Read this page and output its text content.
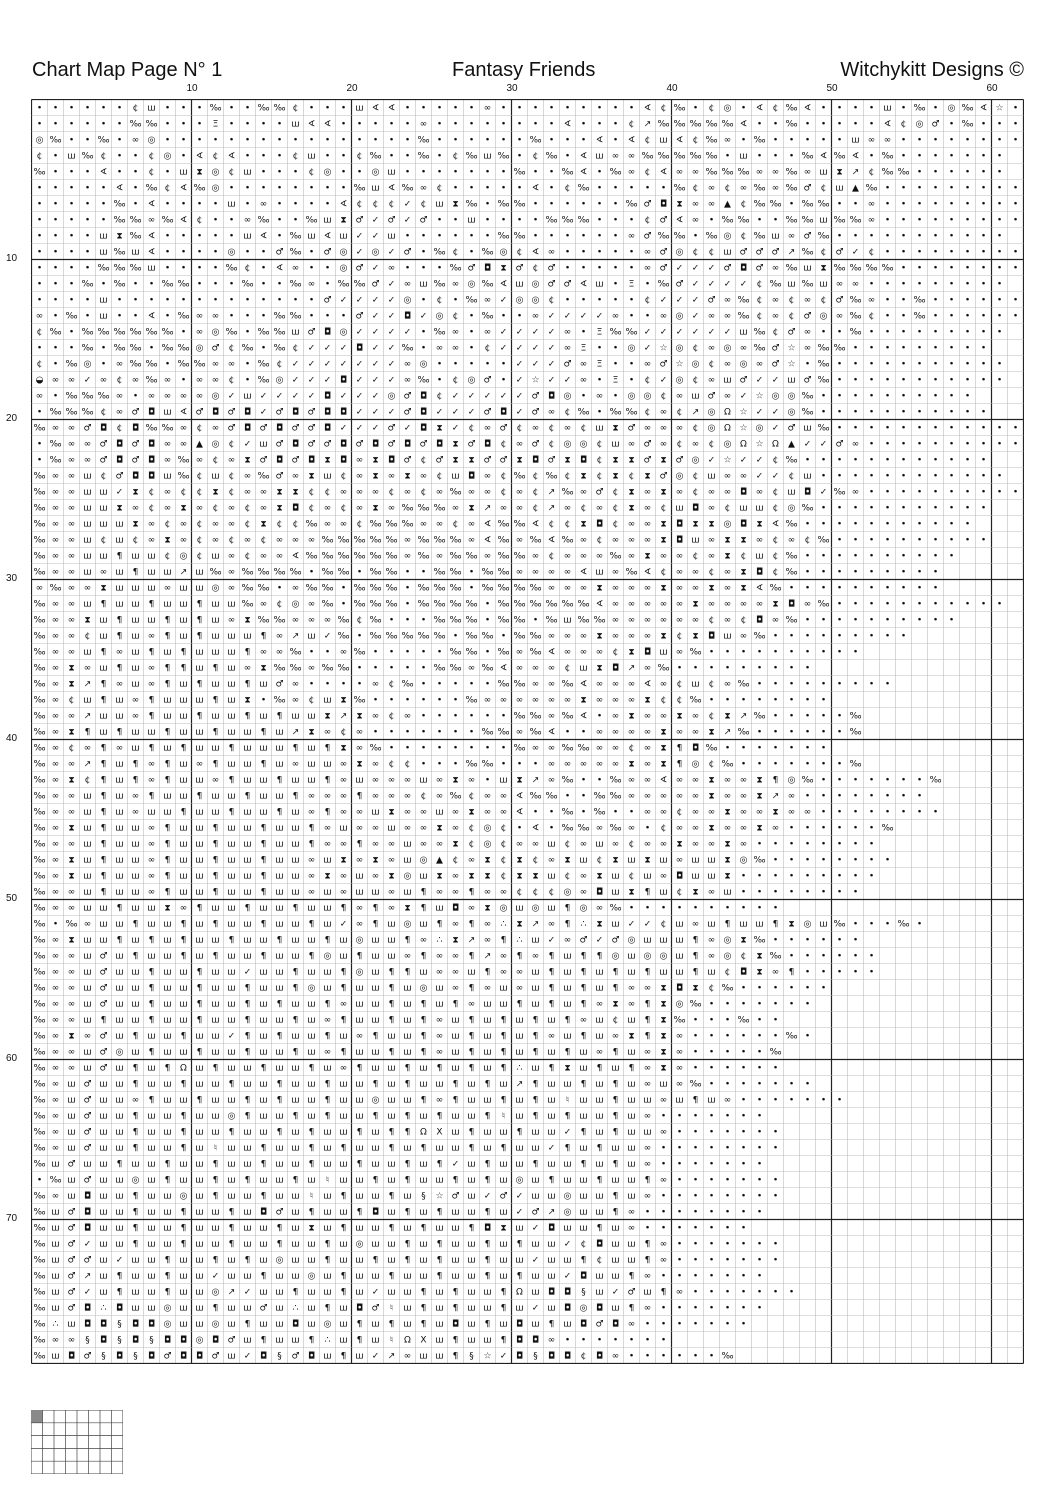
Chart Map Page N° 1	Fantasy Friends	Witchykitt Designs ©
10	20	30	40	50	60
10
20
30
40
50
60
70
• • • • • • ¢ ш • • • ‰ • • ‰ ‰ ¢ • • • ш ∢ ∢ • • • • • ∞ • • • • • • • • • ∢ ¢ ‰ • ¢ ◎ • ∢ ¢ ‰ ∢ • • • • ш • ‰ • ◎ ‰ ∢ ☆ •
• • • • • • ‰ ‰ • • • Ξ • • • • ш ∢ ∢ • • • • • ∞ • • • • • • • • ∢ • • • ¢ ↗ ‰ ‰ ‰ ‰ ‰ ∢ • • ‰ • • • • • ∢ ¢ ◎ ♂ • ‰ • • •
◎ ‰ • • ‰ • ∞ ◎ • • • • • • • • • • • • • • • • ‰ • • • • • • ‰ • • • ∢ • ∢ ¢ ш ∢ ¢ ‰ ∞ • ‰ • • • • • ш ∞ ∞ • • • • • • • •
¢ • ш ‰ ¢ • • ¢ ◎ • ∢ ¢ ∢ • • • ¢ ш • • ¢ ‰ • • ‰ • ¢ ‰ ш ‰ • ¢ ‰ • ∢ ш ∞ ∞ ‰ ‰ ‰ ‰ ‰ • ш • • • ‰ ∢ ‰ ∢ • ‰ • • • • • • •
‰ • • • ∢ • • ¢ • ш ⧗ ◎ ¢ ш • • • ¢ ◎ • • ◎ ш • • • • • • • ‰ • • ‰ ∢ • ‰ ∞ ¢ ∢ ∞ ∞ ‰ ‰ ‰ ∞ ∞ ‰ ∞ ш ⧗ ↗ ¢ ‰ ‰ • • • • • •
• • • • • ∢ • ‰ ¢ ∢ ‰ ◎ • • • • • • • • ‰ ш ∢ ‰ ∞ ¢ • • • • • ∢ • ¢ ‰ • • • • • ‰ ¢ ∞ ¢ ∞ ‰ ∞ ‰ ♂ ¢ ш ▲ ‰ • • • • • • • • •
• • • • • ‰ • ∢ • • • • ш • ∞ • • • • ∢ ¢ ¢ ¢ ✓ ¢ ш ⧗ ‰ • ‰ ‰ • • • • • • ‰ ♂ ◘ ⧗ ∞ ∞ ▲ ¢ ‰ ‰ • ‰ ‰ • • ∞ • • • • • • • • •
• • • • • ‰ ‰ ∞ ‰ ∢ ¢ • • ∞ ‰ • • ‰ ш ⧗ ♂ ✓ ♂ ✓ ♂ • • ш • • • • ‰ ‰ ‰ • • • ¢ ♂ ∢ ∞ • ‰ ‰ • • ‰ ‰ ш ‰ ‰ ∞ • • • • • • • • •
• • • • ш ⧗ ‰ ∢ • • • • • ш ∢ • ‰ ш ∢ ш ✓ ✓ ш • • • • • • ‰ ‰ • • • • • • ∞ ♂ ‰ ‰ • ‰ ◎ ¢ ‰ ш ∞ ♂ ‰ • • • • • • • • • • •
• • • • ш ‰ ш ∢ • • • • ◎ • • ♂ ‰ • ♂ ◎ ✓ ◎ ✓ ♂ • ‰ ¢ • ‰ ◎ ¢ ∢ ∞ • • • • • ∞ ♂ ◎ ¢ ¢ ш ♂ ♂ ♂ ↗ ‰ ¢ ♂ ✓ ¢ • • • • • • • • •
• • • • ‰ ‰ ‰ ш • • • • ‰ ¢ • ∢ ∞ • • ◎ ♂ ✓ ∞ • • • ‰ ♂ ◘ ⧗ ♂ ¢ ♂ • • • • • ∞ ♂ ✓ ✓ ✓ ♂ ◘ ♂ ∞ ‰ ш ⧗ ‰ ‰ ‰ ‰ • • • • • • • •
• • • ‰ • ‰ • • ‰ ‰ • • • ‰ • • ‰ ∞ • ‰ ‰ ♂ ✓ ∞ ш ‰ ∞ ◎ ‰ ∢ ш ◎ ♂ ♂ ∢ ш • Ξ • ‰ ♂ ✓ ✓ ✓ ✓ ¢ ‰ ш ‰ ш ∞ ∞ • • • • • • • • •
• • • • ш • • • • • • • • • • • • • ♂ ✓ ✓ ✓ ✓ ◎ • ¢ • ‰ ∞ ✓ ◎ ◎ ¢ • • • • • ¢ ✓ ✓ ✓ ♂ ∞ ‰ ¢ ∞ ¢ ∞ ¢ ♂ ‰ ∞ • • ‰ • • • • • •
∞ • ‰ • ш • • ∢ • ‰ ∞ ∞ • • • ‰ ‰ • • • ♂ ✓ ✓ ◘ ✓ ◎ ¢ • ‰ • • ∞ ✓ ✓ ✓ ✓ ∞ • • ∞ ◎ ✓ ∞ ∞ ‰ ¢ ∞ ¢ ♂ ◎ ∞ ‰ ¢ • • ‰ • • • • • •
¢ ‰ • ‰ ‰ ‰ ‰ ‰ ‰ • ∞ ◎ ‰ • ‰ ‰ ш ♂ ◘ ◎ ✓ ✓ ✓ ✓ • ‰ ∞ • ∞ ✓ ✓ ✓ ✓ ∞ • Ξ ‰ ‰ ✓ ✓ ✓ ✓ ✓ ✓ ш ‰ ¢ ♂ ∞ • • ‰ • • • • • • • • •
• • • ‰ • ‰ ‰ • ‰ ‰ ◎ ♂ ¢ ‰ • ‰ ¢ ✓ ✓ ✓ ◘ ✓ ✓ ‰ • ∞ ∞ • ¢ ✓ ✓ ✓ ✓ ∞ Ξ • • ◎ ✓ ☆ ◎ ¢ ∞ ◎ ∞ ‰ ♂ ☆ ∞ ‰ ‰ • • • • • • • • •
¢ • ‰ ◎ • ∞ ‰ ‰ • ‰ ‰ ∞ ∞ • ‰ ¢ ✓ ✓ ✓ ✓ ✓ ✓ ✓ ∞ ◎ • • • • • ✓ ✓ ✓ ♂ ∞ Ξ • • ∞ ♂ ☆ ◎ ¢ ∞ ◎ ∞ ♂ ☆ • ‰ • • • • • • • • • • •
◒ ∞ ∞ ✓ ∞ ¢ ∞ ‰ ∞ • ∞ ∞ ¢ • ‰ ◎ ✓ ✓ ✓ ◘ ✓ ✓ ✓ ∞ ‰ • ¢ ◎ ♂ • ✓ ☆ ✓ ✓ ∞ • Ξ • ¢ ✓ ◎ ¢ ∞ ш ♂ ✓ ✓ ш ♂ ‰ • • • • • • • • • • •
∞ • ‰ ‰ ‰ ∞ • ∞ ∞ ∞ ∞ ◎ ✓ ш ✓ ✓ ✓ ✓ ◘ ✓ ✓ ✓ ◎ ♂ ◘ ¢ ✓ ✓ ✓ ✓ ✓ ♂ ◘ ◎ • ∞ • ◎ ◎ ¢ ∞ ш ♂ ∞ ✓ ☆ ◎ ◎ ‰ • • • • • • • • • •
• ‰ ‰ ‰ ¢ ∞ ♂ ◘ ш ∢ ♂ ◘ ♂ ◘ ✓ ♂ ◘ ♂ ◘ ◘ ✓ ✓ ✓ ♂ ◘ ✓ ✓ ✓ ♂ ◘ ✓ ♂ ∞ ¢ ‰ • ‰ ‰ ¢ ∞ ¢ ↗ ◎ Ω ☆ ✓ ✓ ◎ ‰ • • • • • • • • • • •
‰ ∞ ∞ ♂ ◘ ¢ ◘ ‰ ‰ ∞ ¢ ∞ ♂ ◘ ♂ ◘ ♂ ♂ ◘ ✓ ✓ ✓ ♂ ✓ ◘ ⧗ ✓ ¢ ∞ ♂ ¢ ∞ ¢ ∞ ¢ ш ⧗ ♂ ∞ ∞ ∞ ¢ ◎ Ω ☆ ◎ ✓ ♂ ш ‰ • • • • • • • • • • • •
• ‰ ∞ ∞ ♂ ◘ ♂ ◘ ∞ ∞ ▲ ◎ ¢ ✓ ш ♂ ◘ ♂ ♂ ◘ ♂ ◘ ♂ ◘ ♂ ◘ ⧗ ♂ ◘ ¢ ∞ ♂ ¢ ◎ ◎ ¢ ш ∞ ♂ ∞ ¢ ∞ ¢ ◎ Ω ☆ Ω ▲ ✓ ✓ ♂ ∞ • • • • • • • • • •
• ‰ ∞ ∞ ♂ ◘ ♂ ◘ ∞ ‰ ∞ ¢ ∞ ⧗ ♂ ◘ ♂ ◘ ⧗ ◘ ∞ ⧗ ◘ ♂ ¢ ♂ ⧗ ⧗ ♂ ♂ ⧗ ◘ ♂ ⧗ ◘ ¢ ⧗ ⧗ ♂ ⧗ ♂ ◎ ✓ ☆ ✓ ✓ ¢ ‰ • • • • • • • • • • • •
‰ ∞ ∞ ш ¢ ♂ ◘ ◘ ш ‰ ¢ ш ¢ ∞ ‰ ♂ ∞ ⧗ ш ¢ ∞ ⧗ ∞ ⧗ ∞ ¢ ш ◘ ∞ ¢ ‰ ¢ ‰ ¢ ⧗ ¢ ⧗ ¢ ⧗ ♂ ◎ ¢ ш ∞ ∞ ✓ ✓ ¢ ш • • • • • • • • • • • •
‰ ∞ ∞ ш ш ✓ ⧗ ¢ ∞ ¢ ¢ ⧗ ¢ ∞ ∞ ⧗ ⧗ ¢ ¢ ∞ ∞ ∞ ¢ ∞ ¢ ∞ ‰ ∞ ∞ ¢ ∞ ¢ ↗ ‰ ∞ ♂ ¢ ⧗ ∞ ⧗ ∞ ¢ ∞ ∞ ◘ ∞ ¢ ш ◘ ✓ ‰ ∞ • • • • • • • • • •
‰ ∞ ∞ ш ш ⧗ ∞ ¢ ∞ ⧗ ∞ ¢ ∞ ¢ ∞ ⧗ ◘ ¢ ∞ ¢ ∞ ⧗ ∞ ‰ ‰ ‰ ∞ ⧗ ↗ ∞ ∞ ¢ ↗ ∞ ¢ ∞ ¢ ⧗ ∞ ¢ ш ◘ ∞ ¢ ш ш ¢ ◎ ‰ • • • • • • • • • • •
‰ ∞ ∞ ш ш ш ⧗ ∞ ¢ ∞ ¢ ∞ ∞ ¢ ⧗ ¢ ¢ ‰ ∞ ∞ ¢ ‰ ‰ ‰ ∞ ∞ ¢ ∞ ∢ ‰ ‰ ∢ ¢ ¢ ⧗ ◘ ¢ ∞ ∞ ⧗ ◘ ⧗ ⧗ ◎ ◘ ⧗ ∢ ‰ • • • • • • • • • • •
‰ ∞ ∞ ш ¢ ш ¢ ∞ ⧗ ∞ ¢ ∞ ¢ ∞ ¢ ∞ ∞ ∞ ‰ ‰ ‰ ‰ ‰ ∞ ‰ ‰ ‰ ∞ ∢ ‰ ∞ ‰ ∢ ‰ ∞ ¢ ∞ ∞ ∞ ⧗ ◘ ш ∞ ⧗ ⧗ ∞ ¢ ∞ ¢ ‰ • • • • • • • • • •
‰ ∞ ∞ ш ш ¶ ш ш ¢ ◎ ¢ ш ∞ ¢ ∞ ∞ ∢ ‰ ‰ ‰ ‰ ‰ ‰ ∞ ‰ ∞ ‰ ‰ ∞ ‰ ‰ ∞ ¢ ∞ ∞ ∞ ‰ ∞ ⧗ ∞ ∞ ¢ ∞ ⧗ ¢ ш ¢ ‰ • • • • • • • • • •
‰ ∞ ∞ ш ∞ ш ¶ ш ш ↗ ш ‰ ∞ ‰ ‰ ‰ ‰ • ‰ ‰ • ‰ ‰ • • ‰ ‰ • ‰ ‰ ∞ ∞ ∞ ∞ ∢ ш ∞ ‰ ∢ ¢ ∞ ∞ ¢ ∞ ⧗ ◘ ¢ ‰ • • • • • • • • •
∞ ‰ ∞ ∞ ⧗ ш ш ш ∞ ш ш ◎ ∞ ‰ ‰ • ∞ ‰ ‰ • ‰ ‰ ‰ • ‰ ‰ ‰ • ‰ ‰ ‰ ‰ ∞ ∞ ∞ ⧗ ∞ ∞ ∞ ⧗ ∞ ∞ ⧗ ∞ ⧗ ∢ ‰ • • • • • • • • • •
‰ ∞ ∞ ш ¶ ш ш ¶ ш ш ¶ ш ш ‰ ∞ ¢ ◎ ∞ ‰ • ‰ ‰ ‰ • ‰ ‰ ‰ ‰ • ‰ ‰ ‰ ‰ ‰ ‰ ∢ ∞ ∞ ∞ ∞ ∞ ⧗ ∞ ∞ ∞ ∞ ⧗ ◘ ∞ ‰ • • • • • • • • • • •
‰ ∞ ∞ ⧗ ш ¶ ш ш ¶ ш ¶ ш ∞ ⧗ ‰ ‰ ∞ ∞ ∞ ‰ ¢ ‰ • • • ‰ ‰ ‰ • ‰ ‰ • ‰ ш ‰ ‰ ∞ ∞ ∞ ∞ ∞ ∞ ¢ ∞ ¢ ◘ ∞ ‰ • • • • • • • • • •
‰ ∞ ∞ ¢ ш ¶ ш ∞ ¶ ш ¶ ш ш ш ¶ ∞ ↗ ш ✓ ‰ • ‰ ‰ ‰ ‰ ‰ • ‰ ‰ • ‰ ‰ ∞ ∞ ∞ ⧗ ∞ ∞ ∞ ⧗ ¢ ⧗ ◘ ш ∞ ‰ • • • • • • • • •
‰ ∞ ∞ ш ¶ ∞ ш ¶ ш ¶ ш ш ш ¶ ∞ ∞ ‰ • • ∞ ‰ • • • • • ‰ ‰ • ‰ ∞ ‰ ∢ ∞ ∞ ∞ ¢ ⧗ ◘ ш ∞ ‰ • • • • • • • • • •
‰ ∞ ⧗ ∞ ш ¶ ш ∞ ¶ ¶ ш ¶ ш ∞ ⧗ ‰ ‰ ∞ ‰ ‰ • • • • • ‰ ‰ ∞ ‰ ∢ ∞ ∞ ∞ ¢ ш ⧗ ◘ ↗ ∞ ‰ • • • • • • • • •
‰ ∞ ⧗ ↗ ¶ ∞ ш ∞ ¶ ш ¶ ш ш ¶ ш ♂ ∞ • • • • ∞ ¢ ‰ • • • • • ‰ ‰ ∞ ∞ ‰ ∢ ∞ ∞ ∞ ∢ ∞ ¢ ш ¢ ∞ ‰ • • • • • • • • •
‰ ∞ ¢ ш ¶ ш ∞ ¶ ш ш ш ¶ ш ⧗ • ‰ ∞ ¢ ш ⧗ ‰ • • • • • • ‰ ∞ ∞ ∞ ∞ ∞ ∞ ⧗ ∞ ∞ ∞ ⧗ ¢ ¢ ‰ • • • • • • • •
‰ ∞ ∞ ↗ ш ш ∞ ¶ ш ш ¶ ш ш ¶ ш ¶ ш ш ⧗ ↗ ⧗ ∞ ¢ ∞ • • • • • • ‰ ‰ ∞ ‰ ∢ • ∞ ⧗ ∞ ∞ ⧗ ∞ ¢ ⧗ ↗ ‰ • • • • • ‰
‰ ∞ ⧗ ¶ ш ¶ ш ш ¶ ш ш ¶ ш ш ¶ ш ↗ ⧗ ∞ ¢ ∞ • • • • • • • ‰ ‰ ∞ ‰ ∢ • • ∞ ∞ ∞ ∞ ⧗ ∞ ∞ ⧗ ↗ ‰ • • • • • • ‰
‰ ∞ ¢ ∞ ¶ ∞ ш ¶ ш ¶ ш ш ¶ ш ш ш ¶ ш ¶ ⧗ ∞ ‰ • • • • • • • • ‰ ∞ ∞ ‰ ‰ ∞ ∞ ¢ ∞ ⧗ ¶ ◘ ‰ • • • • • • •
‰ ∞ ∞ ↗ ¶ ш ¶ ∞ ¶ ш ∞ ¶ ш ш ¶ ш ∞ ш ш ∞ ⧗ ∞ ¢ ¢ • • • ‰ ‰ • • • ∞ ∞ ∞ ∞ ∞ ⧗ ∞ ⧗ ¶ ◎ ¢ ‰ • • • • • • • ‰
‰ ∞ ⧗ ¢ ¶ ш ¶ ∞ ¶ ш ш ∞ ¶ ш ш ¶ ш ш ¶ ∞ ш ∞ ∞ ∞ ш ∞ ⧗ ∞ • ш ⧗ ↗ ∞ ‰ • • ‰ ∞ ∞ ∢ ∞ ∞ ⧗ ∞ ∞ ⧗ ¶ ◎ ‰ • • • • • • • ‰
‰ ∞ ∞ ш ¶ ш ∞ ¶ ш ш ¶ ш ш ¶ ш ш ¶ ∞ ∞ ∞ ¶ ∞ ∞ ∞ ¢ ∞ ‰ ¢ ∞ ∞ ∢ ‰ ‰ • • ‰ ‰ ∞ ∞ ∞ ∞ ∞ ⧗ ∞ ∞ ⧗ ↗ ∞ • • • • • • • •
‰ ∞ ∞ ш ¶ ш ∞ ш ш ¶ ш ш ¶ ш ш ¶ ш ∞ ¶ ∞ ∞ ш ⧗ ∞ ∞ ш ∞ ⧗ ∞ ∞ ∢ • • ‰ • ‰ • • ∞ ∞ ¢ ∞ ∞ ⧗ ∞ ∞ ⧗ ∞ ∞ • • • • • • • •
‰ ∞ ⧗ ш ¶ ш ш ∞ ¶ ш ш ¶ ш ш ¶ ш ш ¶ ∞ ш ∞ ∞ ш ∞ ∞ ⧗ ∞ ¢ ◎ ¢ • ∢ • ‰ ‰ ∞ ‰ ∞ • ¢ ∞ ∞ ⧗ ∞ ∞ ⧗ ∞ • • • • • • ‰
‰ ∞ ∞ ш ¶ ш ш ∞ ¶ ш ш ¶ ш ш ¶ ш ш ¶ ∞ ∞ ¶ ∞ ∞ ш ∞ ∞ ⧗ ¢ ◎ ¢ ∞ ∞ ш ¢ ∞ ш ∞ ¢ ∞ ∞ ⧗ ∞ ∞ ⧗ ∞ • • • • • • • •
‰ ∞ ⧗ ш ¶ ш ш ∞ ¶ ш ш ¶ ш ш ¶ ш ш ∞ ш ⧗ ∞ ⧗ ∞ ш ◎ ▲ ¢ ∞ ⧗ ¢ ⧗ ¢ ∞ ⧗ ш ¢ ⧗ ш ⧗ ш ∞ ш ш ⧗ ◎ ‰ • • • • • • • •
‰ ∞ ⧗ ш ¶ ш ш ∞ ¶ ш ш ¶ ш ш ¶ ш ш ∞ ⧗ ∞ ш ∞ ⧗ ◎ ш ⧗ ∞ ⧗ ⧗ ¢ ⧗ ⧗ ш ¢ ∞ ⧗ ш ¢ ш ∞ ◘ ш ш ⧗ • • • • • • • • •
‰ ∞ ∞ ш ¶ ш ш ∞ ¶ ш ш ¶ ш ш ¶ ш ш ∞ ш ∞ ш ш ∞ ш ¶ ∞ ∞ ¶ ∞ ∞ ¢ ¢ ¢ ◎ ∞ ◘ ш ⧗ ¶ ш ¢ ⧗ ∞ ш • • • • • • • •
‰ ∞ ∞ ш ш ¶ ш ш ⧗ ∞ ¶ ш ш ¶ ш ш ¶ ш ш ¶ ∞ ¶ ∞ ⧗ ¶ ш ◘ ∞ ⧗ ◎ ш ◎ ш ¶ ◎ ∞ ‰ • • • • • • • • • •
‰ • ‰ ∞ ш ш ¶ ш ш ¶ ш ¶ ш ш ¶ ш ш ¶ ш ✓ ∞ ¶ ш ◎ ш ¶ ∞ ¶ ∞ ∴ ⧗ ↗ ∞ ¶ ∴ ⧗ ш ✓ ✓ ¢ ш ∞ ш ¶ ш ш ¶ ⧗ ◎ ш ‰ • • • ‰ •
‰ ∞ ⧗ ш ш ¶ ш ¶ ш ¶ ш ш ¶ ш ш ¶ ш ш ¶ ш ◎ ш ш ¶ ∞ ∴ ⧗ ↗ ∞ ¶ ∴ ш ✓ ∞ ♂ ✓ ♂ ◎ ш ш ш ¶ ∞ ◎ ⧗ ‰ • • • • • •
‰ ∞ ∞ ш ♂ ш ¶ ш ш ¶ ш ¶ ш ш ¶ ш ш ¶ ◎ ш ¶ ш ш ∞ ¶ ∞ ∞ ¶ ↗ ∞ ¶ ∞ ¶ ш ¶ ¶ ◎ ш ◎ ◎ ш ¶ ∞ ◎ ¢ ⧗ ‰ • • • • • •
‰ ∞ ∞ ш ♂ ш ш ¶ ш ш ¶ ш ш ✓ ш ш ¶ ш ш ¶ ◎ ш ¶ ¶ ш ∞ ∞ ш ¶ ∞ ∞ ш ¶ ш ¶ ш ¶ ш ¶ ш ш ¶ ш ¢ ◘ ⧗ ∞ ¶ • • • • •
‰ ∞ ∞ ш ♂ ш ш ¶ ш ш ¶ ш ш ¶ ш ш ¶ ◎ ш ¶ ш ш ¶ ш ◎ ш ∞ ¶ ∞ ш ∞ ш ¶ ш ¶ ш ¶ ∞ ∞ ⧗ ◘ ⧗ ¢ ‰ • • • • • •
‰ ∞ ∞ ш ♂ ш ш ¶ ш ш ¶ ш ш ¶ ш ¶ ш ш ¶ ∞ ш ш ¶ ш ¶ ш ¶ ∞ ш ш ¶ ш ¶ ш ¶ ∞ ⧗ ∞ ¶ ⧗ ◎ ‰ • • • • • • •
‰ ∞ ∞ ш ¶ ш ш ¶ ш ш ¶ ш ш ¶ ш ш ¶ ш ∞ ¶ ш ш ¶ ш ¶ ∞ ш ¶ ш ¶ ш ¶ ш ¶ ∞ ш ¢ ш ¶ ⧗ ‰ • • • ‰ • •
‰ ∞ ⧗ ∞ ♂ ш ¶ ш ш ¶ ш ш ✓ ¶ ш ¶ ш ш ¶ ш ∞ ¶ ш ш ¶ ∞ ш ¶ ш ¶ ш ¶ ∞ ш ¶ ш ∞ ⧗ ¶ ⧗ ∞ • • • • • • ‰ •
‰ ∞ ∞ ш ♂ ◎ ш ¶ ш ш ¶ ш ш ¶ ш ш ¶ ш ∞ ¶ ш ш ¶ ш ¶ ∞ ш ¶ ш ¶ ш ¶ ш ¶ ш ∞ ¶ ш ∞ ⧗ ∞ • • • • • ‰
‰ ∞ ∞ ш ♂ ш ¶ ш ¶ Ω ш ¶ ш ш ¶ ш ш ¶ ш ∞ ¶ ш ш ¶ ш ¶ ш ¶ ш ¶ ∴ ш ¶ ⧗ ш ¶ ш ¶ ∞ ⧗ ∞ • • • • • •
‰ ∞ ш ♂ ш ш ¶ ш ш ¶ ш ш ¶ ш ш ¶ ш ш ¶ ш ш ¶ ш ¶ ш ш ¶ ш ¶ ш ↗ ¶ ш ш ¶ ш ¶ ш ∞ ш ∞ ‰ • • • • • • •
‰ ∞ ш ♂ ш ш ∞ ¶ ш ш ¶ ш ш ¶ ш ¶ ш ш ¶ ш ш ◎ ш ш ¶ ∞ ¶ ш ш ¶ ш ¶ ш ♮ ш ш ¶ ш ш ∞ ш ¶ ш ∞ • • • • • • •
‰ ∞ ш ♂ ш ш ¶ ш ш ¶ ш ш ◎ ¶ ш ш ¶ ш ¶ ш ш ¶ ш ¶ ш ¶ ш ш ¶ ♮ ш ¶ ш ¶ ш ш ¶ ш ∞ • • • • • • •
‰ ∞ ш ♂ ш ш ¶ ш ш ¶ ш ш ¶ ш ш ¶ ш ¶ ш ш ¶ ш ¶ ¶ Ω Ⅹ ш ¶ ш ш ¶ ш ш ✓ ¶ ш ¶ ш ш ∞ • • • • • • •
‰ ∞ ш ♂ ш ш ¶ ш ш ¶ ш ♮ ш ш ¶ ш ш ¶ ш ¶ ш ш ¶ ш ¶ ш ш ¶ ш ¶ ш ш ✓ ¶ ш ¶ ш ш ∞ • • • • • • • •
‰ ш ♂ ш ш ¶ ш ш ¶ ш ш ¶ ш ш ¶ ш ш ¶ ш ш ¶ ш ш ¶ ш ¶ ✓ ш ¶ ш ш ¶ ш ш ¶ ш ¶ ш ∞ • • • • • • •
• ‰ ш ♂ ш ш ◎ ш ¶ ш ш ¶ ш ¶ ш ш ¶ ш ♮ ш ш ¶ ш ¶ ш ш ¶ ш ¶ ш ◎ ш ¶ ш ш ¶ ш ш ¶ ∞ • • • • • • •
‰ ∞ ш ◘ ш ш ¶ ш ш ◎ ш ¶ ш ш ¶ ш ш ♮ ш ¶ ш ш ¶ ш § ☆ ♂ ш ✓ ♂ ✓ ш ш ◎ ш ш ¶ ш ∞ • • • • • • • •
‰ ш ♂ ◘ ш ш ¶ ш ш ¶ ш ш ¶ ш ◘ ♂ ш ¶ ш ш ¶ ◘ ш ¶ ш ¶ ш ш ¶ ш ✓ ♂ ↗ ◎ ш ш ¶ ∞ • • • • • • • •
‰ ш ♂ ◘ ш ш ¶ ш ш ¶ ш ш ¶ ш ш ¶ ш ⧗ ш ¶ ш ш ¶ ш ¶ ш ш ¶ ◘ ⧗ ш ✓ ◘ ш ш ¶ ш ∞ • • • • • • •
‰ ш ♂ ✓ ш ш ¶ ш ш ¶ ш ш ¶ ш ш ¶ ш ш ¶ ш ◎ ш ш ¶ ш ¶ ш ш ¶ ш ¶ ш ш ✓ ¢ ◘ ш ш ¶ ∞ • • • • • • •
‰ ш ♂ ♂ ш ✓ ш ш ¶ ш ш ¶ ш ¶ ш ◎ ш ш ¶ ш ш ¶ ш ¶ ш ¶ ш ш ¶ ш ш ✓ ш ш ¶ ¢ ш ш ¶ ∞ • • • • • • •
‰ ш ♂ ↗ ш ¶ ш ш ¶ ш ш ✓ ш ш ¶ ш ш ◎ ш ¶ ш ш ¶ ш ш ¶ ш ш ¶ ш ¶ ш ш ✓ ◘ ш ш ¶ ∞ • • • • • • •
‰ ш ♂ ✓ ш ¶ ш ш ¶ ш ш ◎ ↗ ✓ ш ш ¶ ш ш ¶ ш ✓ ш ш ¶ ш ¶ ш ш ¶ Ω ш ◘ ◘ § ш ✓ ♂ ш ¶ ∞ • • • • • • •
‰ ш ♂ ◘ ∴ ◘ ш ш ◎ ш ш ¶ ш ш ♂ ш ∴ ш ¶ ш ◘ ♂ ♮ ш ¶ ш ¶ ш ш ¶ ш ✓ ш ◘ ◎ ◘ ш ¶ ∞ • • • • • • •
‰ ∴ ш ◘ ◘ § ◘ ◘ ◎ ш ш ◎ ш ¶ ш ш ◘ ш ◎ ш ¶ ш ¶ ш ¶ ш ◘ ш ¶ ш ◘ ш ¶ ш ◘ ♂ ◘ ∞ • • • • • • •
‰ ∞ ∞ § ◘ § ◘ § ◘ ◘ ◎ ◘ ♂ ш ¶ ш ш ¶ ∴ ш ¶ ш ♮ Ω Ⅹ ш ¶ ш ш ¶ ◘ ◘ ∞ • • • • • • •
‰ ш ◘ ♂ § ◘ § ◘ ♂ ◘ ◘ ♂ ш ✓ ◘ § ♂ ◘ ш ¶ ш ✓ ↗ ∞ ш ш ¶ § ☆ ✓ ◘ § ◘ ◘ ¢ ◘ ∞ • • • • • • ‰
